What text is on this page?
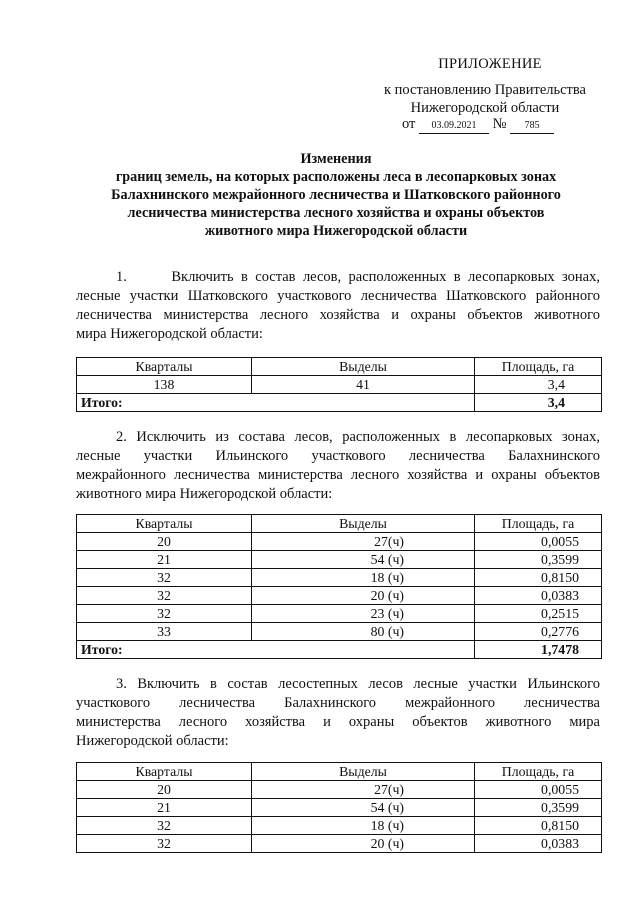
ПРИЛОЖЕНИЕ
к постановлению Правительства
Нижегородской области
от 03.09.2021 № 785
Изменения
границ земель, на которых расположены леса в лесопарковых зонах
Балахнинского межрайонного лесничества и Шатковского районного
лесничества министерства лесного хозяйства и охраны объектов
животного мира Нижегородской области

1.      Включить в состав лесов, расположенных в лесопарковых зонах,

лесные участки Шатковского участкового лесничества Шатковского районного

лесничества министерства лесного хозяйства и охраны объектов животного

мира Нижегородской области:

Кварталы	Выделы	Площадь, га
138	41	3,4
Итого:		3,4

2. Исключить из состава лесов, расположенных в лесопарковых зонах,

лесные участки Ильинского участкового лесничества Балахнинского

межрайонного лесничества министерства лесного хозяйства и охраны объектов

животного мира Нижегородской области:

Кварталы	Выделы	Площадь, га
20	27(ч)	0,0055
21	54 (ч)	0,3599
32	18 (ч)	0,8150
32	20 (ч)	0,0383
32	23 (ч)	0,2515
33	80 (ч)	0,2776
Итого:		1,7478

3. Включить в состав лесостепных лесов лесные участки Ильинского

участкового лесничества Балахнинского межрайонного лесничества

министерства лесного хозяйства и охраны объектов животного мира

Нижегородской области:

Кварталы	Выделы	Площадь, га
20	27(ч)	0,0055
21	54 (ч)	0,3599
32	18 (ч)	0,8150
32	20 (ч)	0,0383
